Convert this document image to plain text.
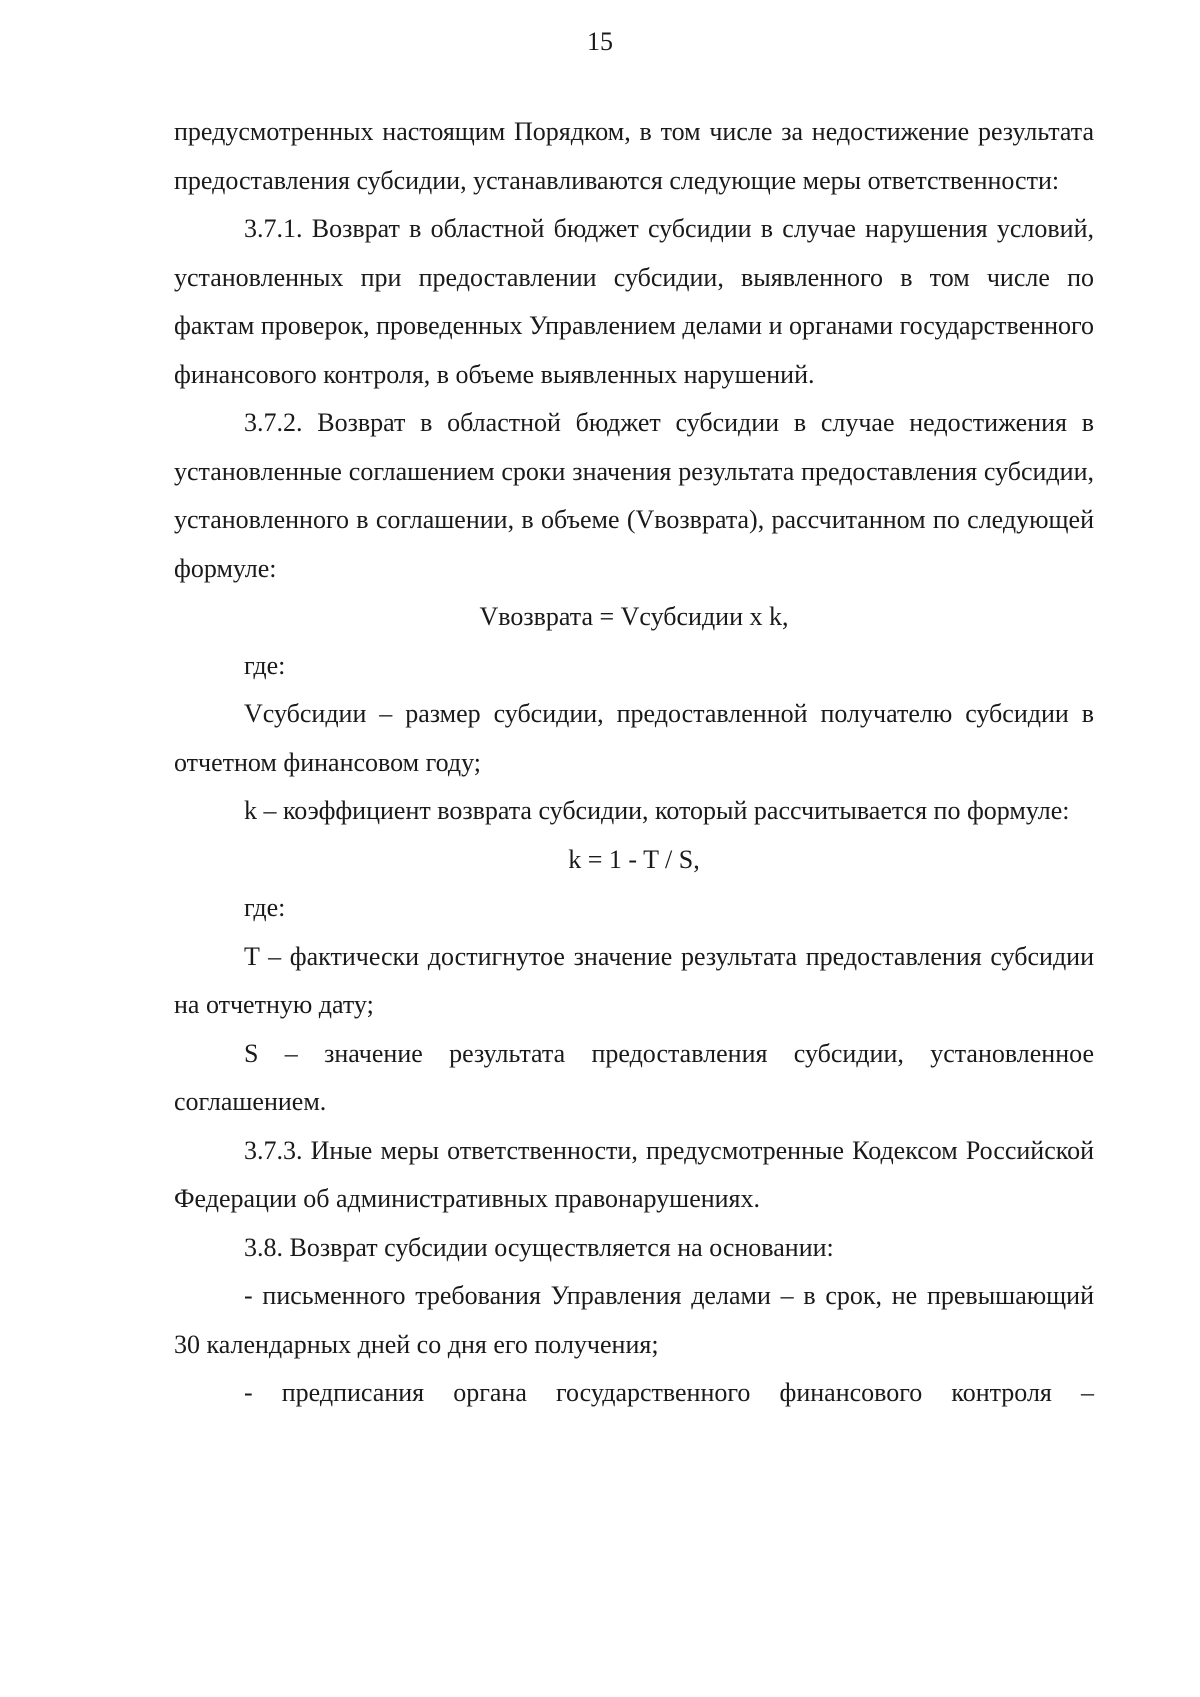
15

предусмотренных настоящим Порядком, в том числе за недостижение результата предоставления субсидии, устанавливаются следующие меры ответственности:

3.7.1. Возврат в областной бюджет субсидии в случае нарушения условий, установленных при предоставлении субсидии, выявленного в том числе по фактам проверок, проведенных Управлением делами и органами государственного финансового контроля, в объеме выявленных нарушений.

3.7.2. Возврат в областной бюджет субсидии в случае недостижения в установленные соглашением сроки значения результата предоставления субсидии, установленного в соглашении, в объеме (Vвозврата), рассчитанном по следующей формуле:

Vвозврата = Vсубсидии x k,

где:

Vсубсидии – размер субсидии, предоставленной получателю субсидии в отчетном финансовом году;

k – коэффициент возврата субсидии, который рассчитывается по формуле:

k = 1 - T / S,

где:

T – фактически достигнутое значение результата предоставления субсидии на отчетную дату;

S – значение результата предоставления субсидии, установленное соглашением.

3.7.3. Иные меры ответственности, предусмотренные Кодексом Российской Федерации об административных правонарушениях.

3.8. Возврат субсидии осуществляется на основании:

- письменного требования Управления делами – в срок, не превышающий 30 календарных дней со дня его получения;

- предписания органа государственного финансового контроля –
